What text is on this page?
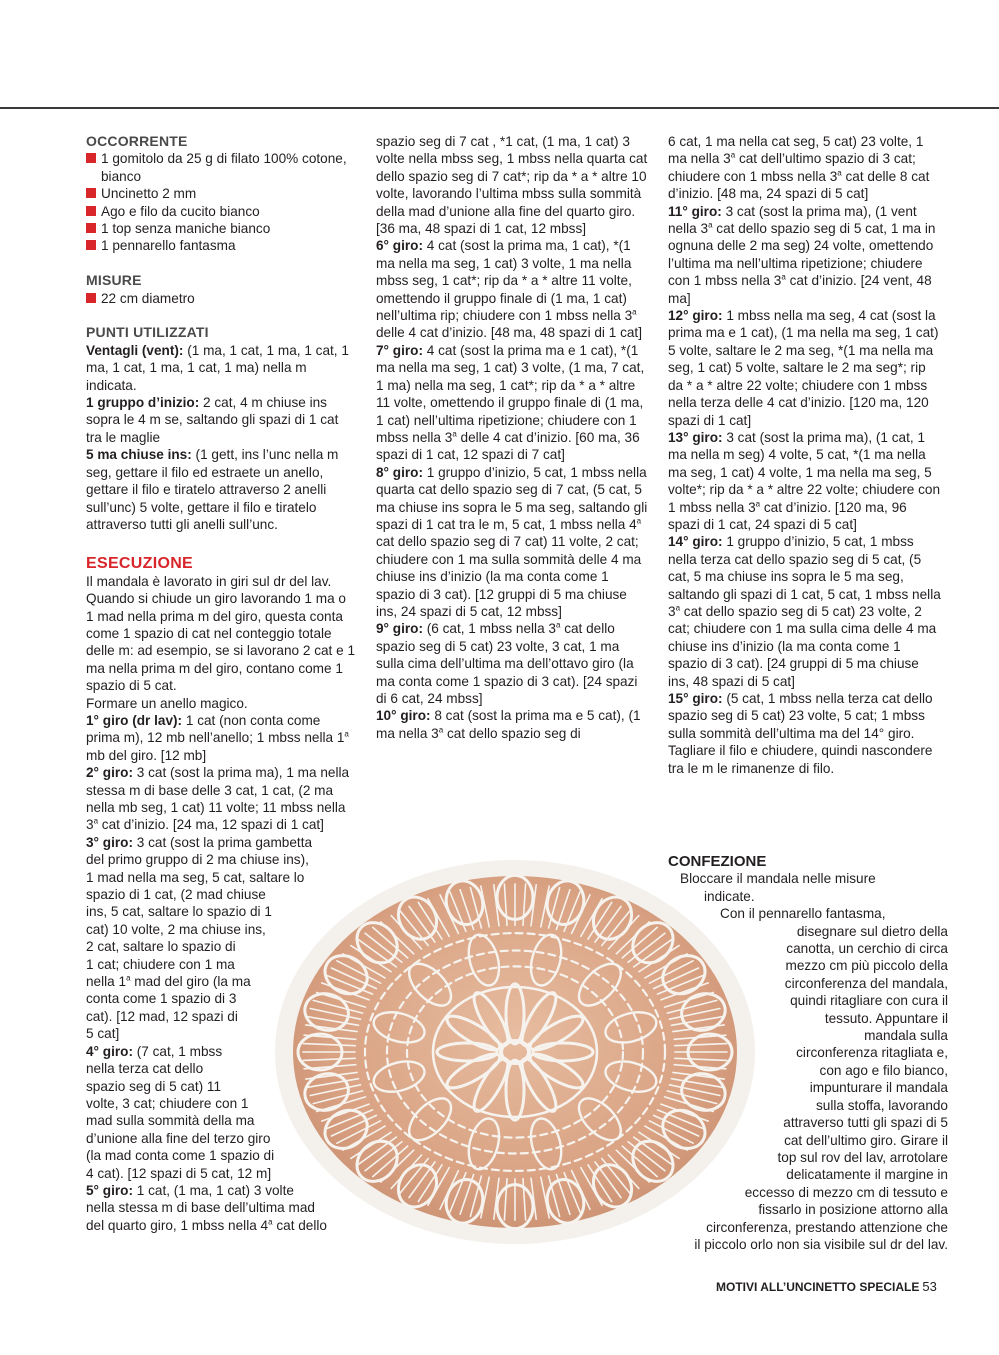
OCCORRENTE

1 gomitolo da 25 g di filato 100% cotone, bianco
Uncinetto 2 mm
Ago e filo da cucito bianco
1 top senza maniche bianco
1 pennarello fantasma

MISURE

22 cm diametro

PUNTI UTILIZZATI

Ventagli (vent): (1 ma, 1 cat, 1 ma, 1 cat, 1 ma, 1 cat, 1 ma, 1 cat, 1 ma) nella m indicata.

1 gruppo d’inizio: 2 cat, 4 m chiuse ins sopra le 4 m se, saltando gli spazi di 1 cat tra le maglie

5 ma chiuse ins: (1 gett, ins l’unc nella m seg, gettare il filo ed estraete un anello, gettare il filo e tiratelo attraverso 2 anelli sull’unc) 5 volte, gettare il filo e tiratelo attraverso tutti gli anelli sull’unc.

ESECUZIONE

Il mandala è lavorato in giri sul dr del lav. Quando si chiude un giro lavorando 1 ma o 1 mad nella prima m del giro, questa conta come 1 spazio di cat nel conteggio totale delle m: ad esempio, se si lavorano 2 cat e 1 ma nella prima m del giro, contano come 1 spazio di 5 cat.

Formare un anello magico.

1° giro (dr lav): 1 cat (non conta come prima m), 12 mb nell’anello; 1 mbss nella 1$^a$ mb del giro. [12 mb]

2° giro: 3 cat (sost la prima ma), 1 ma nella stessa m di base delle 3 cat, 1 cat, (2 ma nella mb seg, 1 cat) 11 volte; 11 mbss nella 3$^a$ cat d’inizio. [24 ma, 12 spazi di 1 cat]

3° giro: 3 cat (sost la prima gambetta
del primo gruppo di 2 ma chiuse ins),
1 mad nella ma seg, 5 cat, saltare lo
spazio di 1 cat, (2 mad chiuse
ins, 5 cat, saltare lo spazio di 1
cat) 10 volte, 2 ma chiuse ins,
2 cat, saltare lo spazio di
1 cat; chiudere con 1 ma
nella 1$^a$ mad del giro (la ma
conta come 1 spazio di 3
cat). [12 mad, 12 spazi di
5 cat]
4° giro: (7 cat, 1 mbss
nella terza cat dello
spazio seg di 5 cat) 11
volte, 3 cat; chiudere con 1
mad sulla sommità della ma
d’unione alla fine del terzo giro
(la mad conta come 1 spazio di
4 cat). [12 spazi di 5 cat, 12 m]
5° giro: 1 cat, (1 ma, 1 cat) 3 volte
nella stessa m di base dell’ultima mad
del quarto giro, 1 mbss nella 4$^a$ cat dello

spazio seg di 7 cat , *1 cat, (1 ma, 1 cat) 3 volte nella mbss seg, 1 mbss nella quarta cat dello spazio seg di 7 cat*; rip da * a * altre 10 volte, lavorando l’ultima mbss sulla sommità della mad d’unione alla fine del quarto giro. [36 ma, 48 spazi di 1 cat, 12 mbss]

6° giro: 4 cat (sost la prima ma, 1 cat), *(1 ma nella ma seg, 1 cat) 3 volte, 1 ma nella mbss seg, 1 cat*; rip da * a * altre 11 volte, omettendo il gruppo finale di (1 ma, 1 cat) nell’ultima rip; chiudere con 1 mbss nella 3$^a$ delle 4 cat d’inizio. [48 ma, 48 spazi di 1 cat]

7° giro: 4 cat (sost la prima ma e 1 cat), *(1 ma nella ma seg, 1 cat) 3 volte, (1 ma, 7 cat, 1 ma) nella ma seg, 1 cat*; rip da * a * altre 11 volte, omettendo il gruppo finale di (1 ma, 1 cat) nell’ultima ripetizione; chiudere con 1 mbss nella 3$^a$ delle 4 cat d’inizio. [60 ma, 36 spazi di 1 cat, 12 spazi di 7 cat]

8° giro: 1 gruppo d’inizio, 5 cat, 1 mbss nella quarta cat dello spazio seg di 7 cat, (5 cat, 5 ma chiuse ins sopra le 5 ma seg, saltando gli spazi di 1 cat tra le m, 5 cat, 1 mbss nella 4$^a$ cat dello spazio seg di 7 cat) 11 volte, 2 cat; chiudere con 1 ma sulla sommità delle 4 ma chiuse ins d’inizio (la ma conta come 1 spazio di 3 cat). [12 gruppi di 5 ma chiuse ins, 24 spazi di 5 cat, 12 mbss]

9° giro: (6 cat, 1 mbss nella 3$^a$ cat dello spazio seg di 5 cat) 23 volte, 3 cat, 1 ma sulla cima dell’ultima ma dell’ottavo giro (la ma conta come 1 spazio di 3 cat). [24 spazi di 6 cat, 24 mbss]

10° giro: 8 cat (sost la prima ma e 5 cat), (1 ma nella 3$^a$ cat dello spazio seg di

6 cat, 1 ma nella cat seg, 5 cat) 23 volte, 1 ma nella 3$^a$ cat dell’ultimo spazio di 3 cat; chiudere con 1 mbss nella 3$^a$ cat delle 8 cat d’inizio. [48 ma, 24 spazi di 5 cat]

11° giro: 3 cat (sost la prima ma), (1 vent nella 3$^a$ cat dello spazio seg di 5 cat, 1 ma in ognuna delle 2 ma seg) 24 volte, omettendo l’ultima ma nell’ultima ripetizione; chiudere con 1 mbss nella 3$^a$ cat d’inizio. [24 vent, 48 ma]

12° giro: 1 mbss nella ma seg, 4 cat (sost la prima ma e 1 cat), (1 ma nella ma seg, 1 cat) 5 volte, saltare le 2 ma seg, *(1 ma nella ma seg, 1 cat) 5 volte, saltare le 2 ma seg*; rip da * a * altre 22 volte; chiudere con 1 mbss nella terza delle 4 cat d’inizio. [120 ma, 120 spazi di 1 cat]

13° giro: 3 cat (sost la prima ma), (1 cat, 1 ma nella m seg) 4 volte, 5 cat, *(1 ma nella ma seg, 1 cat) 4 volte, 1 ma nella ma seg, 5 volte*; rip da * a * altre 22 volte; chiudere con 1 mbss nella 3$^a$ cat d’inizio. [120 ma, 96 spazi di 1 cat, 24 spazi di 5 cat]

14° giro: 1 gruppo d’inizio, 5 cat, 1 mbss nella terza cat dello spazio seg di 5 cat, (5 cat, 5 ma chiuse ins sopra le 5 ma seg, saltando gli spazi di 1 cat, 5 cat, 1 mbss nella 3$^a$ cat dello spazio seg di 5 cat) 23 volte, 2 cat; chiudere con 1 ma sulla cima delle 4 ma chiuse ins d’inizio (la ma conta come 1 spazio di 3 cat). [24 gruppi di 5 ma chiuse ins, 48 spazi di 5 cat]

15° giro: (5 cat, 1 mbss nella terza cat dello spazio seg di 5 cat) 23 volte, 5 cat; 1 mbss sulla sommità dell’ultima ma del 14° giro. Tagliare il filo e chiudere, quindi nascondere tra le m le rimanenze di filo.

CONFEZIONE

Bloccare il mandala nelle misure
indicate.
Con il pennarello fantasma,
disegnare sul dietro della
canotta, un cerchio di circa
mezzo cm più piccolo della
circonferenza del mandala,
quindi ritagliare con cura il
tessuto. Appuntare il
mandala sulla
circonferenza ritagliata e,
con ago e filo bianco,
impunturare il mandala
sulla stoffa, lavorando
attraverso tutti gli spazi di 5
cat dell’ultimo giro. Girare il
top sul rov del lav, arrotolare
delicatamente il margine in
eccesso di mezzo cm di tessuto e
fissarlo in posizione attorno alla
circonferenza, prestando attenzione che
il piccolo orlo non sia visibile sul dr del lav.
MOTIVI ALL’UNCINETTO SPECIALE 53
